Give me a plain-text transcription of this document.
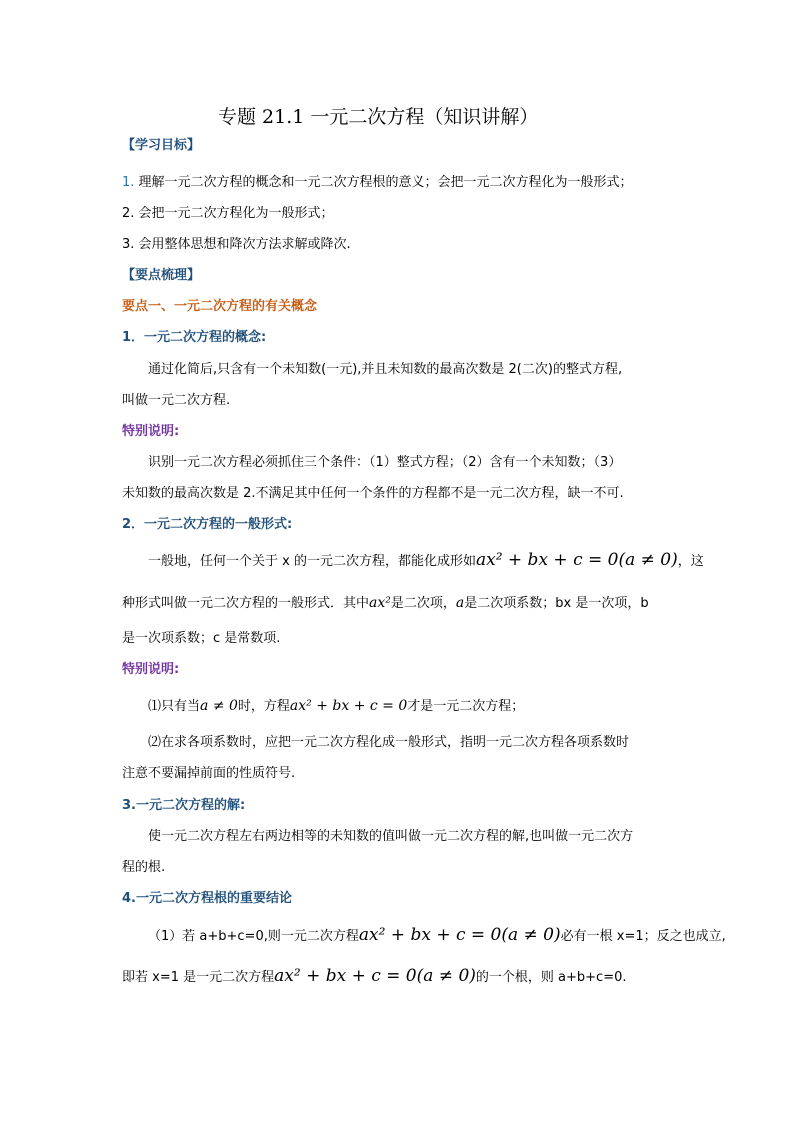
专题 21.1 一元二次方程（知识讲解）
【学习目标】
1. 理解一元二次方程的概念和一元二次方程根的意义；会把一元二次方程化为一般形式；
2. 会把一元二次方程化为一般形式；
3. 会用整体思想和降次方法求解或降次.
【要点梳理】
要点一、一元二次方程的有关概念
1．一元二次方程的概念:
通过化简后,只含有一个未知数(一元),并且未知数的最高次数是 2(二次)的整式方程,
叫做一元二次方程.
特别说明:
识别一元二次方程必须抓住三个条件：（1）整式方程；（2）含有一个未知数；（3）
未知数的最高次数是 2.不满足其中任何一个条件的方程都不是一元二次方程，缺一不可.
2．一元二次方程的一般形式:
一般地，任何一个关于 x 的一元二次方程，都能化成形如ax² + bx + c = 0(a ≠ 0)，这
种形式叫做一元二次方程的一般形式．其中ax²是二次项，a是二次项系数；bx 是一次项，b
是一次项系数；c 是常数项.
特别说明:
⑴只有当a ≠ 0时，方程ax² + bx + c = 0才是一元二次方程；
⑵在求各项系数时，应把一元二次方程化成一般形式，指明一元二次方程各项系数时
注意不要漏掉前面的性质符号.
3.一元二次方程的解:
使一元二次方程左右两边相等的未知数的值叫做一元二次方程的解,也叫做一元二次方
程的根.
4.一元二次方程根的重要结论
（1）若 a+b+c=0,则一元二次方程ax² + bx + c = 0(a ≠ 0)必有一根 x=1；反之也成立,
即若 x=1 是一元二次方程ax² + bx + c = 0(a ≠ 0)的一个根，则 a+b+c=0.
